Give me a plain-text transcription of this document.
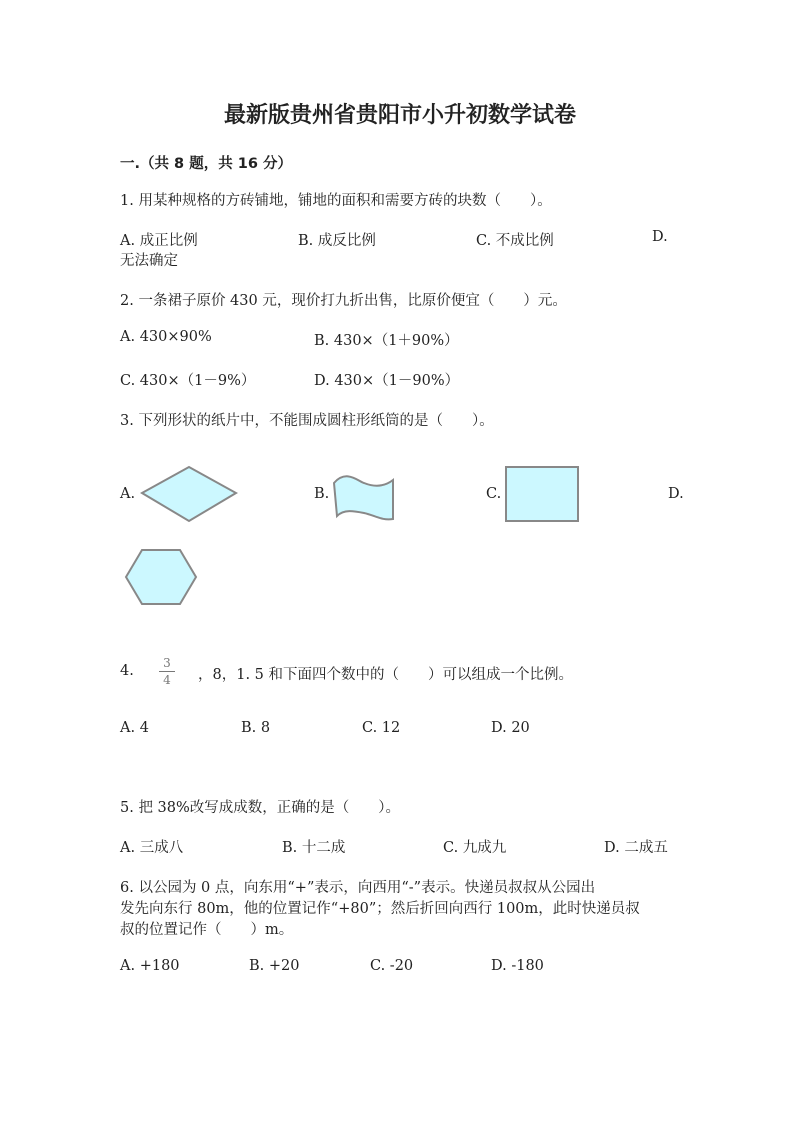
最新版贵州省贵阳市小升初数学试卷
一.（共 8 题，共 16 分）
1. 用某种规格的方砖铺地，铺地的面积和需要方砖的块数（　　）。
A. 成正比例	B. 成反比例	C. 不成比例	D.
无法确定
2. 一条裙子原价 430 元，现价打九折出售，比原价便宜（　　）元。
A. 430×90%	B. 430×（1＋90%）
C. 430×（1－9%）	D. 430×（1－90%）
3. 下列形状的纸片中，不能围成圆柱形纸筒的是（　　）。
A.	B.	C.	D.
4.	3
4 ，8，1. 5 和下面四个数中的（　　）可以组成一个比例。
A. 4	B. 8	C. 12	D. 20
5. 把 38%改写成成数，正确的是（　　）。
A. 三成八	B. 十二成	C. 九成九	D. 二成五
6. 以公园为 0 点，向东用“+”表示，向西用“-”表示。快递员叔叔从公园出
发先向东行 80m，他的位置记作“+80”；然后折回向西行 100m，此时快递员叔
叔的位置记作（　　）m。
A. +180	B. +20	C. -20	D. -180
